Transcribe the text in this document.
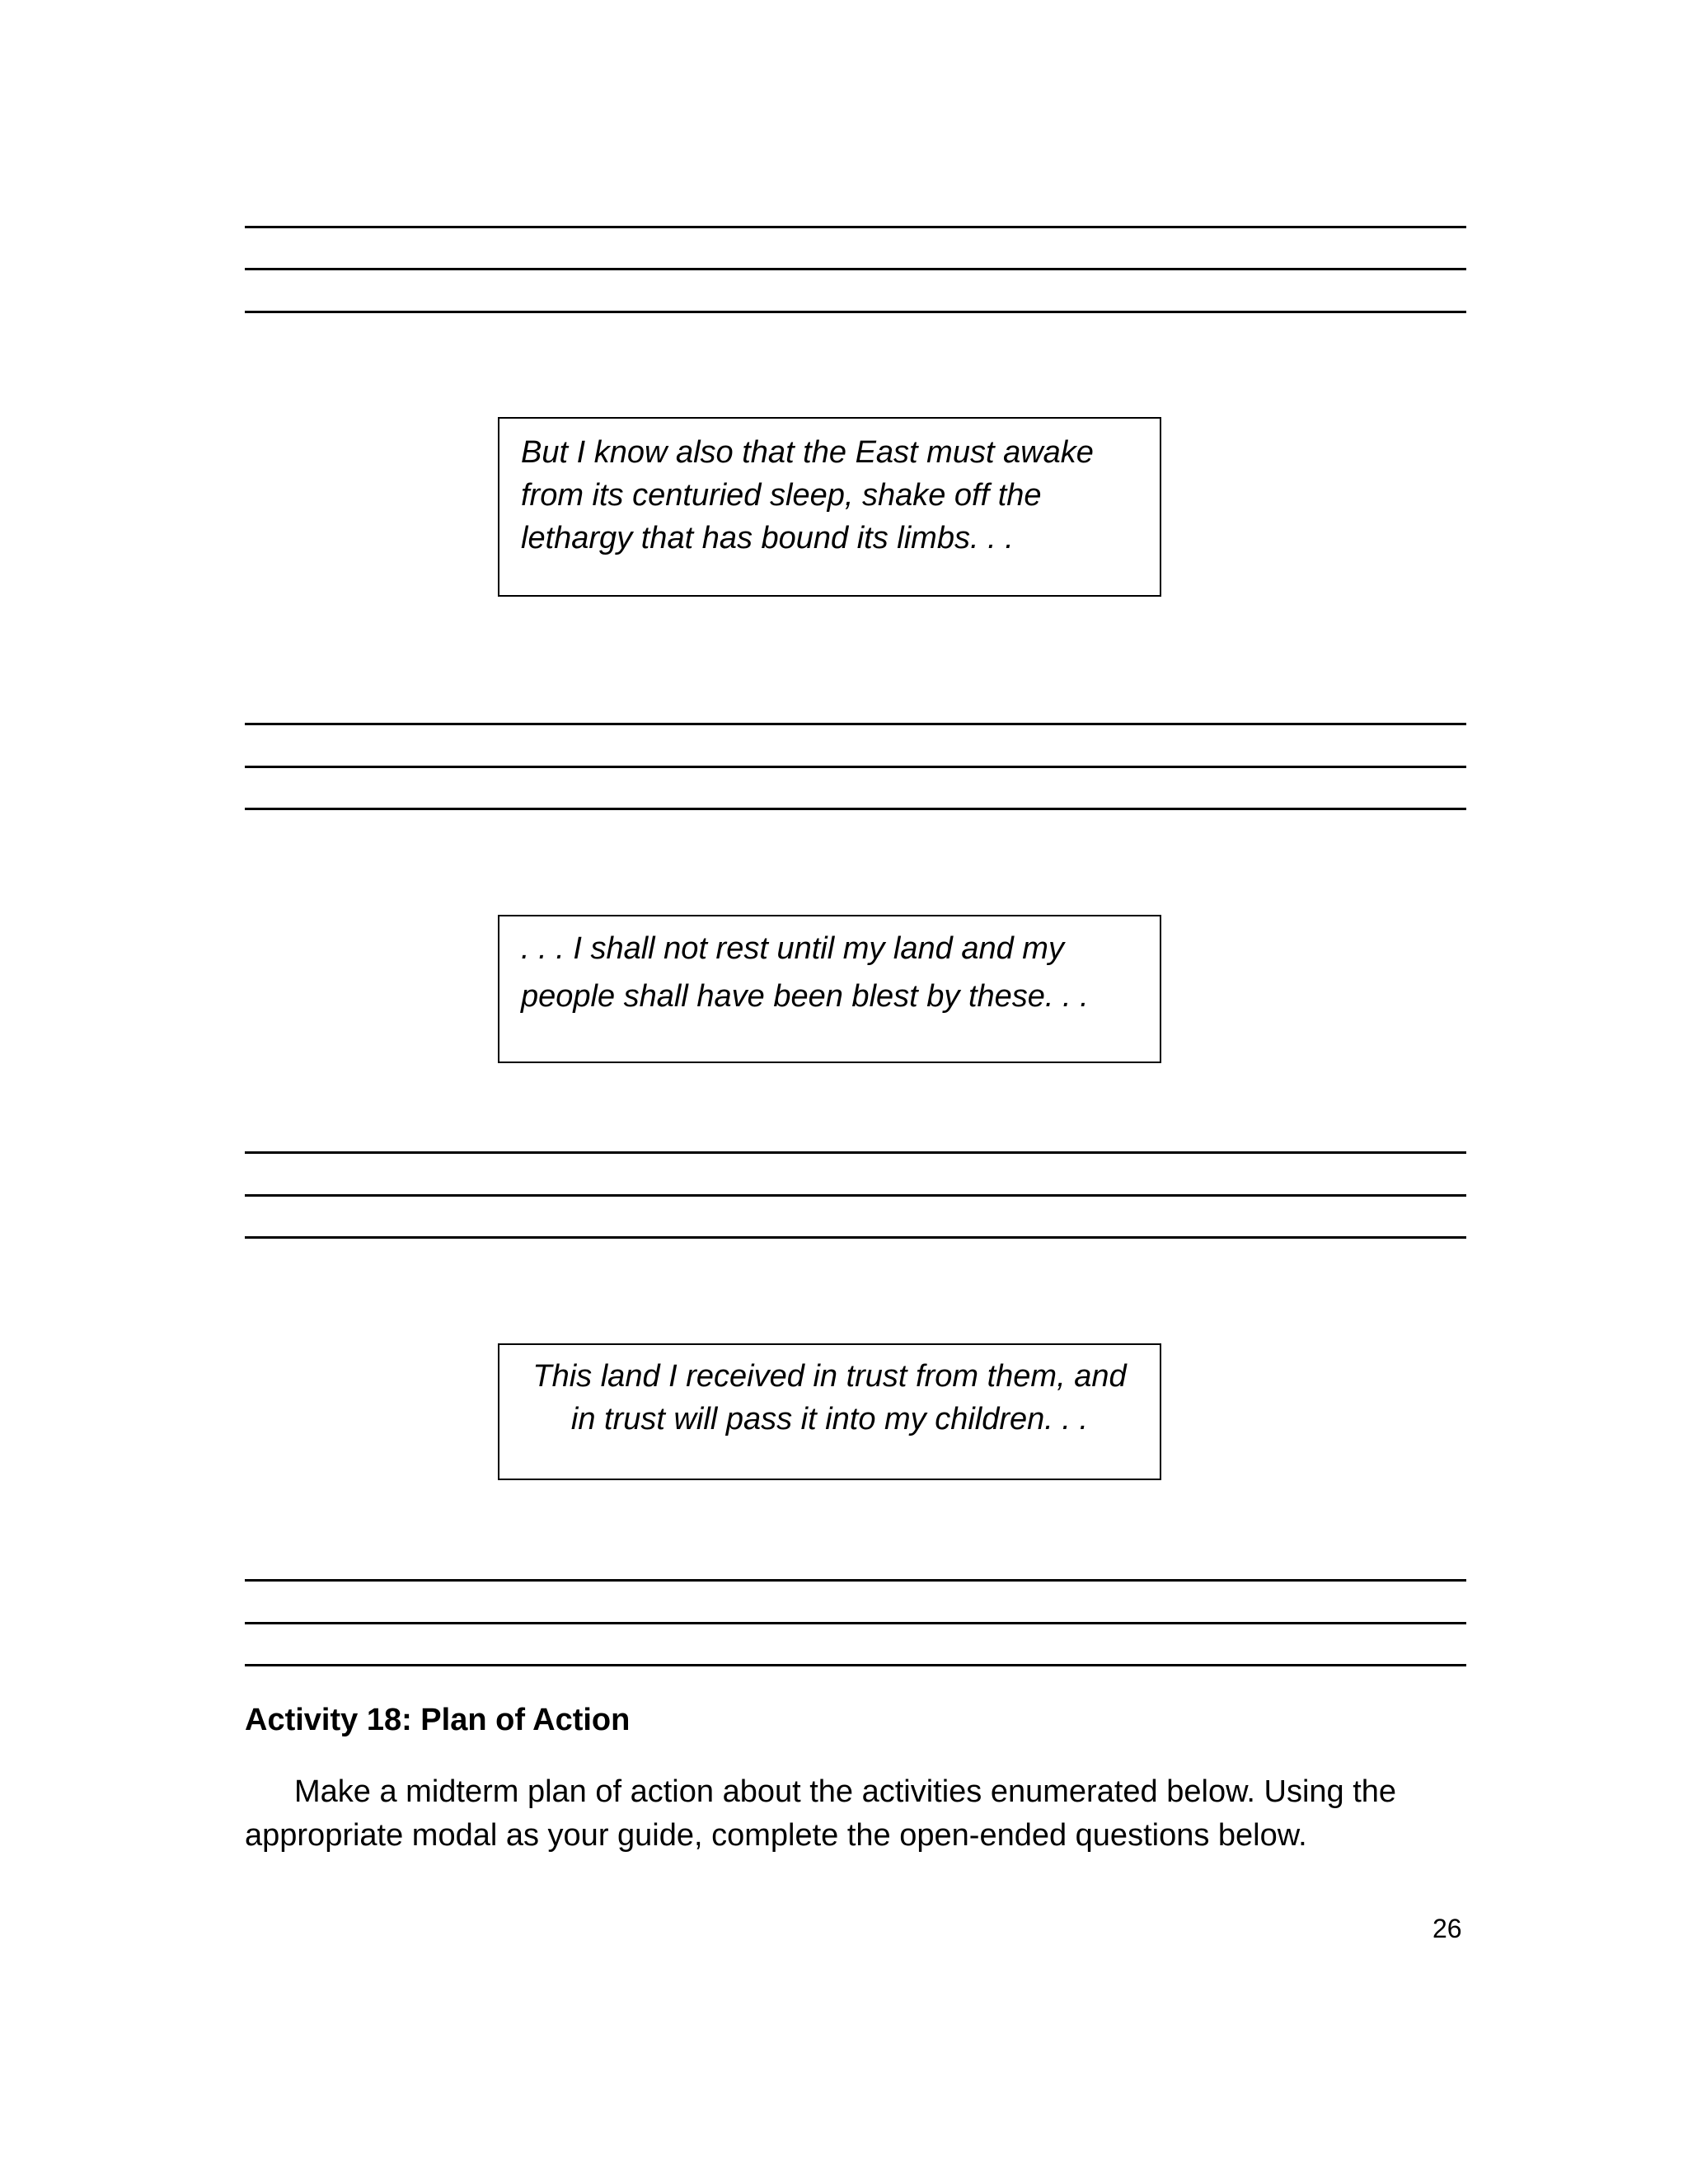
But I know also that the East must awake
from its centuried sleep, shake off the
lethargy that has bound its limbs. . .
. . . I shall not rest until my land and my
people shall have been blest by these. . .
This land I received in trust from them, and
in trust will pass it into my children. . .
Activity 18: Plan of Action
Make a midterm plan of action about the activities enumerated below. Using the appropriate modal as your guide, complete the open-ended questions below.
26
